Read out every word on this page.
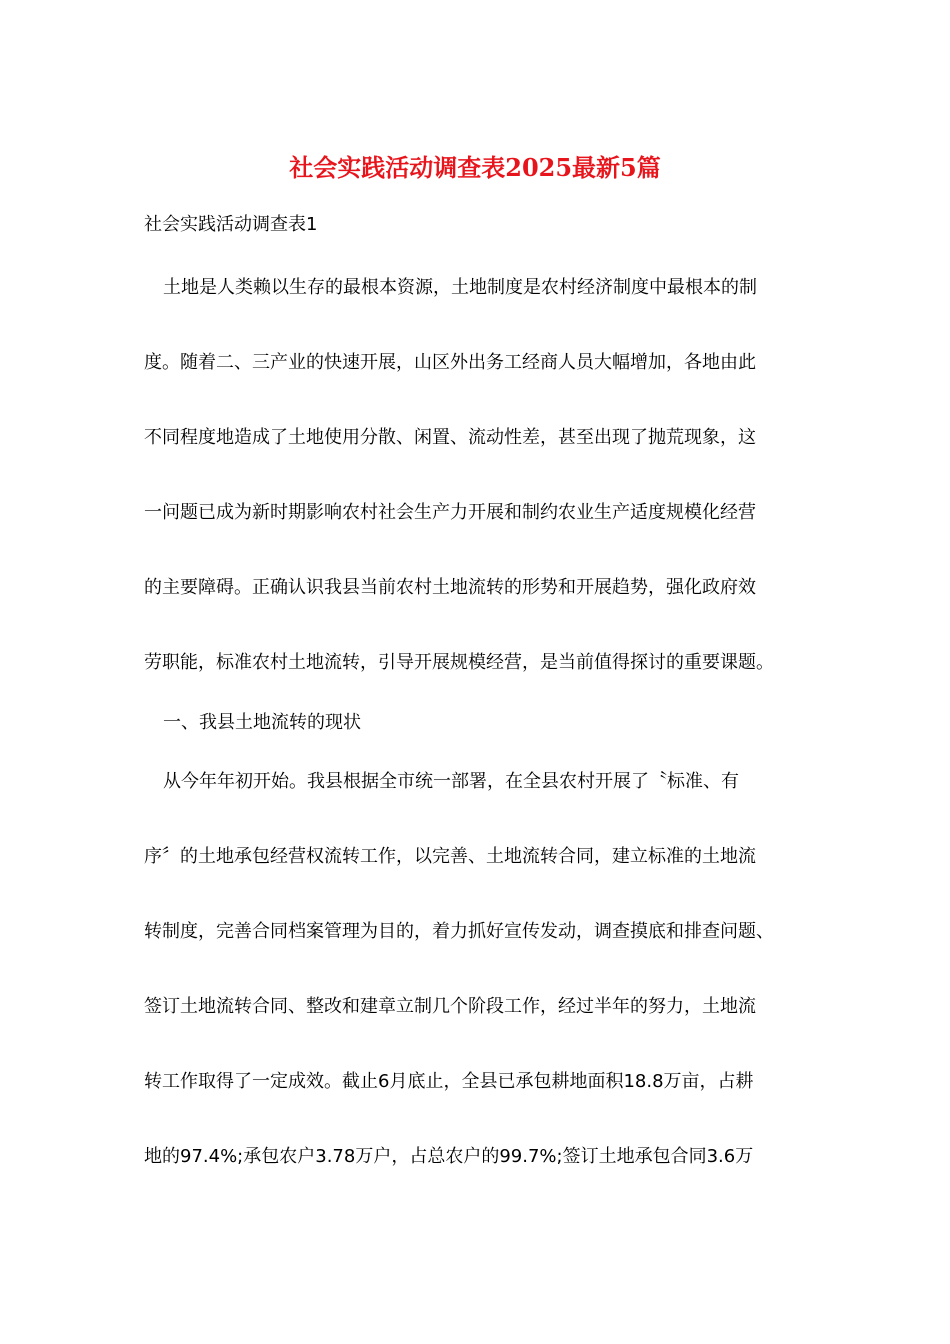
社会实践活动调查表2025最新5篇
社会实践活动调查表1
土地是人类赖以生存的最根本资源，土地制度是农村经济制度中最根本的制
度。随着二、三产业的快速开展，山区外出务工经商人员大幅增加，各地由此
不同程度地造成了土地使用分散、闲置、流动性差，甚至出现了抛荒现象，这
一问题已成为新时期影响农村社会生产力开展和制约农业生产适度规模化经营
的主要障碍。正确认识我县当前农村土地流转的形势和开展趋势，强化政府效
劳职能，标准农村土地流转，引导开展规模经营，是当前值得探讨的重要课题。
一、我县土地流转的现状
从今年年初开始。我县根据全市统一部署，在全县农村开展了〝标准、有
序〞的土地承包经营权流转工作，以完善、土地流转合同，建立标准的土地流
转制度，完善合同档案管理为目的，着力抓好宣传发动，调查摸底和排查问题、
签订土地流转合同、整改和建章立制几个阶段工作，经过半年的努力，土地流
转工作取得了一定成效。截止6月底止，全县已承包耕地面积18.8万亩，占耕
地的97.4%;承包农户3.78万户，占总农户的99.7%;签订土地承包合同3.6万
